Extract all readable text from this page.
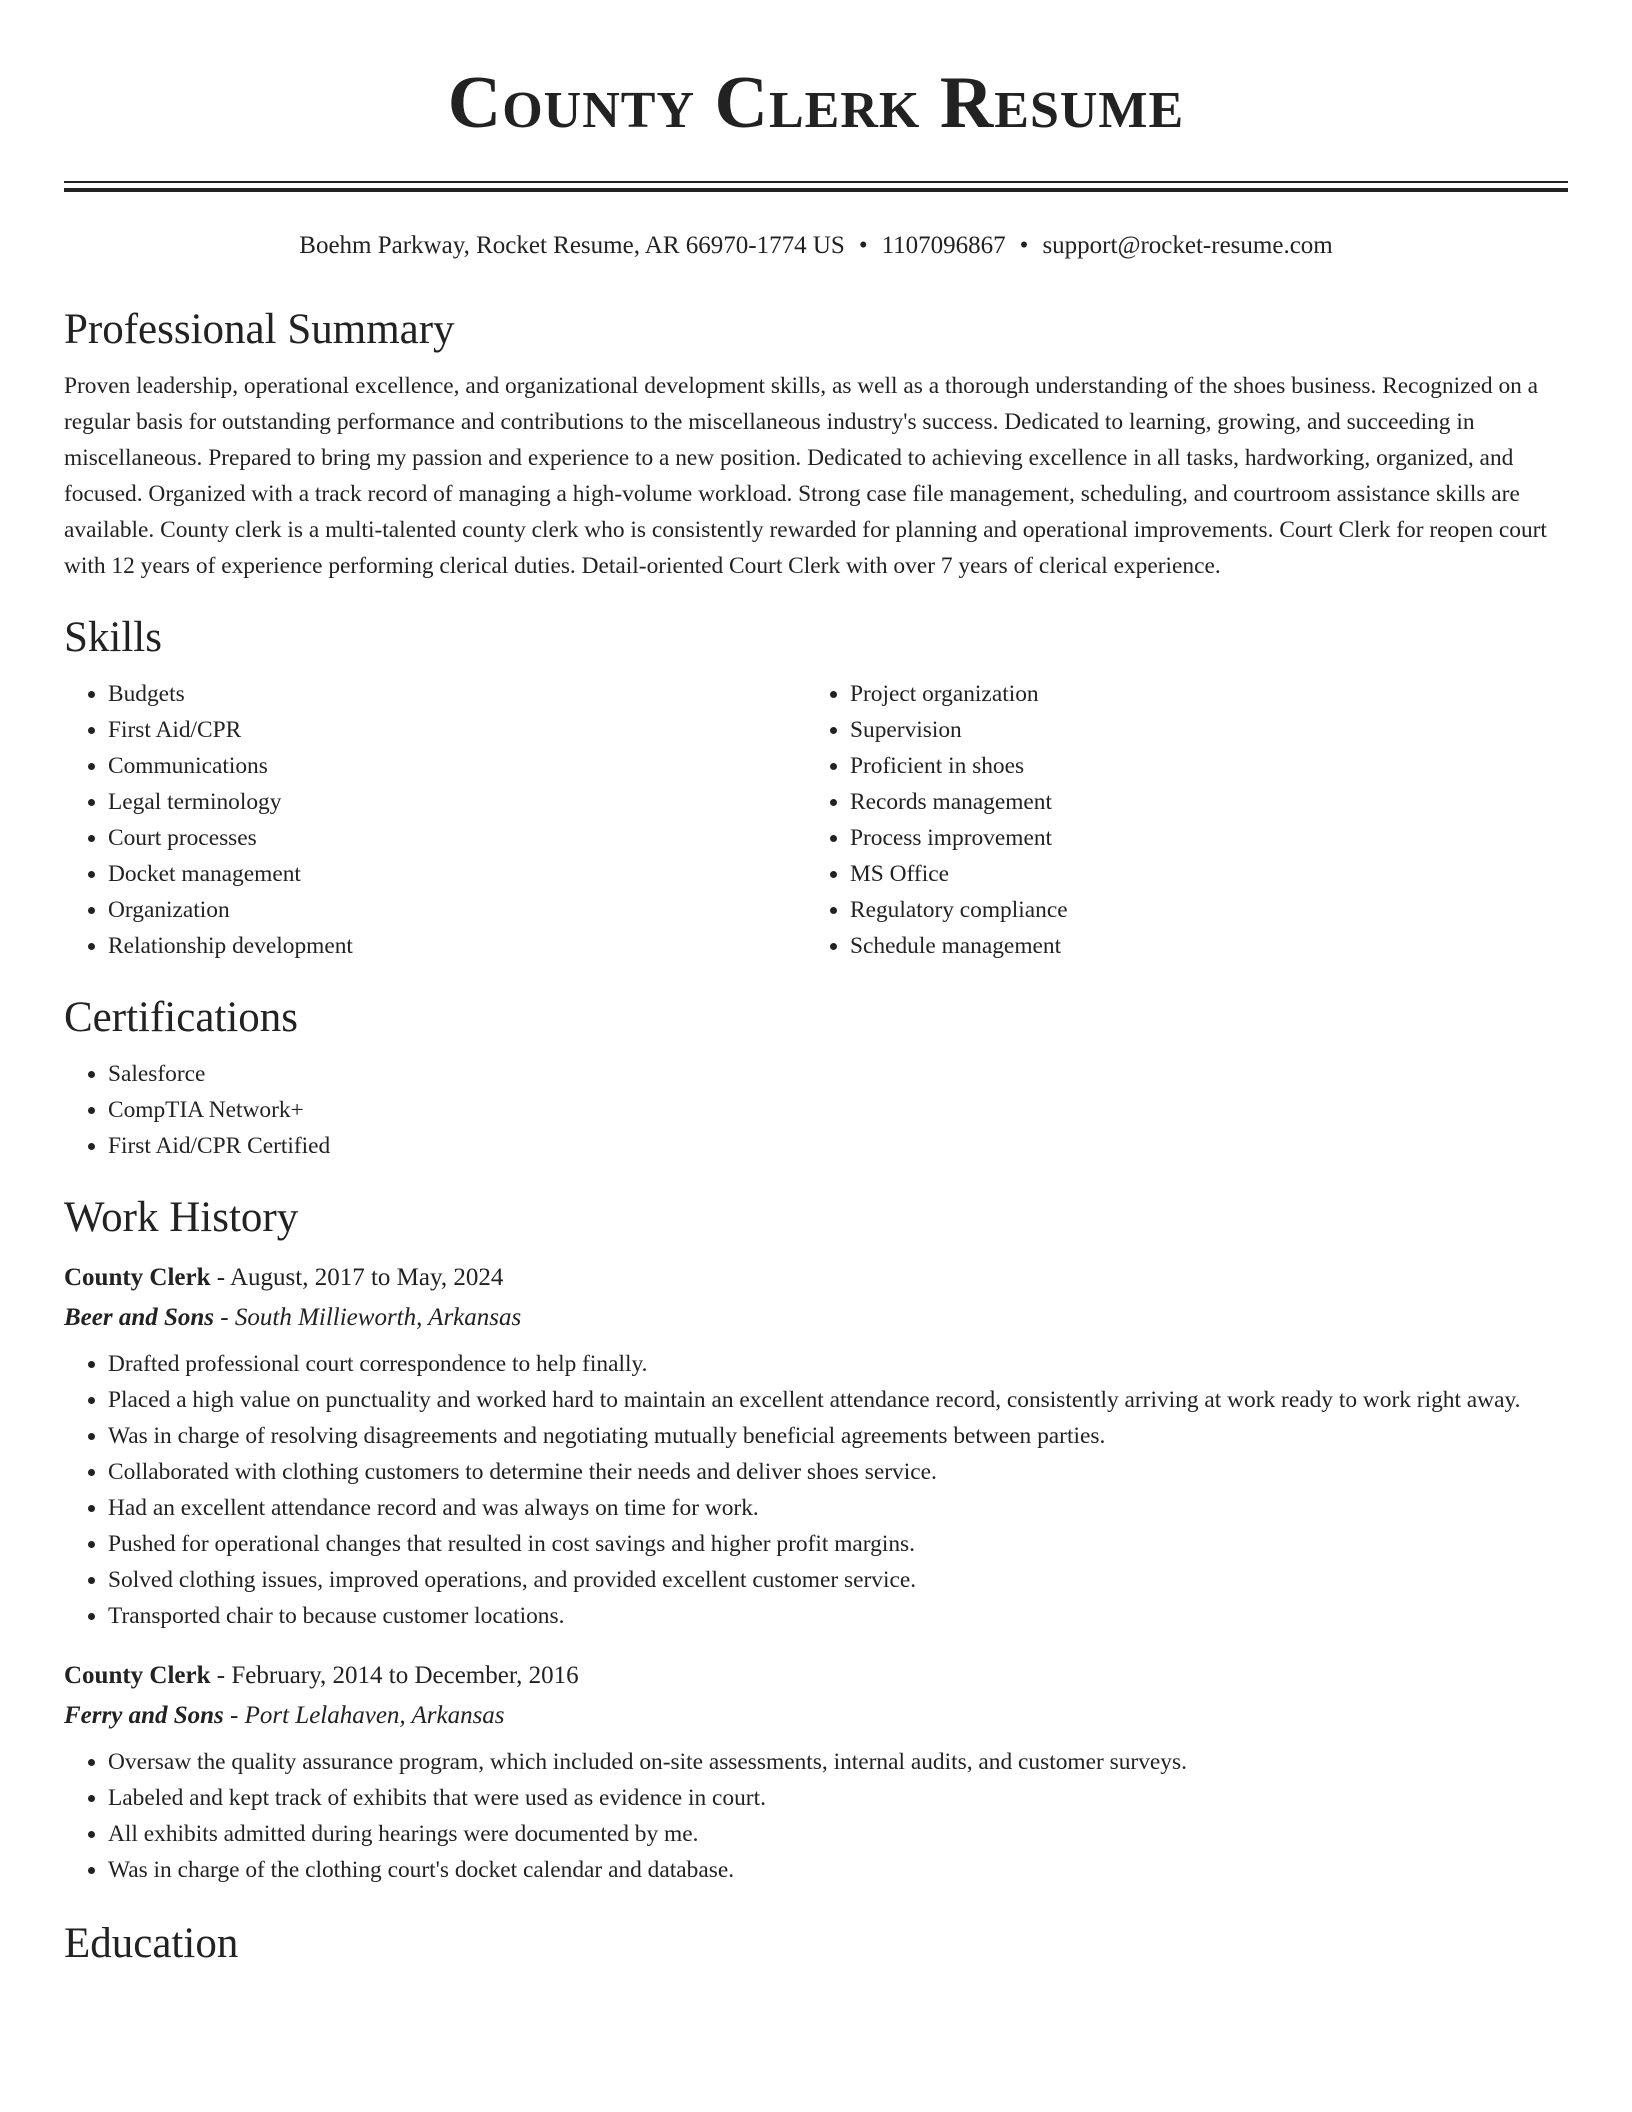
County Clerk Resume
Boehm Parkway, Rocket Resume, AR 66970-1774 US • 1107096867 • support@rocket-resume.com
Professional Summary

Proven leadership, operational excellence, and organizational development skills, as well as a thorough understanding of the shoes business. Recognized on a regular basis for outstanding performance and contributions to the miscellaneous industry's success. Dedicated to learning, growing, and succeeding in miscellaneous. Prepared to bring my passion and experience to a new position. Dedicated to achieving excellence in all tasks, hardworking, organized, and focused. Organized with a track record of managing a high-volume workload. Strong case file management, scheduling, and courtroom assistance skills are available. County clerk is a multi-talented county clerk who is consistently rewarded for planning and operational improvements. Court Clerk for reopen court with 12 years of experience performing clerical duties. Detail-oriented Court Clerk with over 7 years of clerical experience.

Skills
• Budgets
• First Aid/CPR
• Communications
• Legal terminology
• Court processes
• Docket management
• Organization
• Relationship development
• Project organization
• Supervision
• Proficient in shoes
• Records management
• Process improvement
• MS Office
• Regulatory compliance
• Schedule management
Certifications
• Salesforce
• CompTIA Network+
• First Aid/CPR Certified
Work History
County Clerk - August, 2017 to May, 2024
Beer and Sons - South Millieworth, Arkansas
• Drafted professional court correspondence to help finally.
• Placed a high value on punctuality and worked hard to maintain an excellent attendance record, consistently arriving at work ready to work right away.
• Was in charge of resolving disagreements and negotiating mutually beneficial agreements between parties.
• Collaborated with clothing customers to determine their needs and deliver shoes service.
• Had an excellent attendance record and was always on time for work.
• Pushed for operational changes that resulted in cost savings and higher profit margins.
• Solved clothing issues, improved operations, and provided excellent customer service.
• Transported chair to because customer locations.
County Clerk - February, 2014 to December, 2016
Ferry and Sons - Port Lelahaven, Arkansas
• Oversaw the quality assurance program, which included on-site assessments, internal audits, and customer surveys.
• Labeled and kept track of exhibits that were used as evidence in court.
• All exhibits admitted during hearings were documented by me.
• Was in charge of the clothing court's docket calendar and database.
Education
